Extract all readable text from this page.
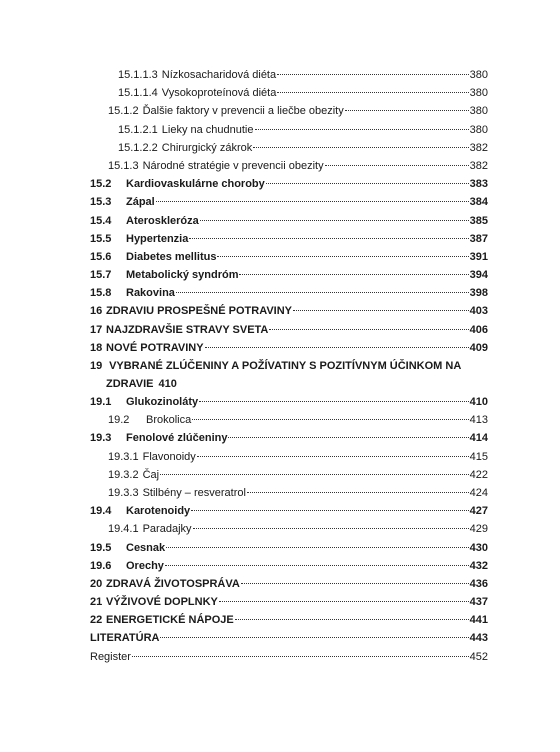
15.1.1.3 Nízkosacharidová diéta	380
15.1.1.4 Vysokoproteínová diéta	380
15.1.2 Ďalšie faktory v prevencii a liečbe obezity	380
15.1.2.1 Lieky na chudnutie	380
15.1.2.2 Chirurgický zákrok	382
15.1.3 Národné stratégie v prevencii obezity	382
15.2	Kardiovaskulárne choroby	383
15.3	Zápal	384
15.4	Ateroskleróza	385
15.5	Hypertenzia	387
15.6	Diabetes mellitus	391
15.7	Metabolický syndróm	394
15.8	Rakovina	398
16 ZDRAVIU PROSPEŠNÉ POTRAVINY	403
17 NAJZDRAVŠIE STRAVY SVETA	406
18 NOVÉ POTRAVINY	409
19 VYBRANÉ ZLÚČENINY A POŽÍVATINY S POZITÍVNYM ÚČINKOM NA
ZDRAVIE 410
19.1	Glukozinoláty	410
19.2	Brokolica	413
19.3	Fenolové zlúčeniny	414
19.3.1 Flavonoidy	415
19.3.2 Čaj	422
19.3.3 Stilbény – resveratrol	424
19.4	Karotenoidy	427
19.4.1 Paradajky	429
19.5	Cesnak	430
19.6	Orechy	432
20 ZDRAVÁ ŽIVOTOSPRÁVA	436
21 VÝŽIVOVÉ DOPLNKY	437
22 ENERGETICKÉ NÁPOJE	441
LITERATÚRA	443
Register	452
